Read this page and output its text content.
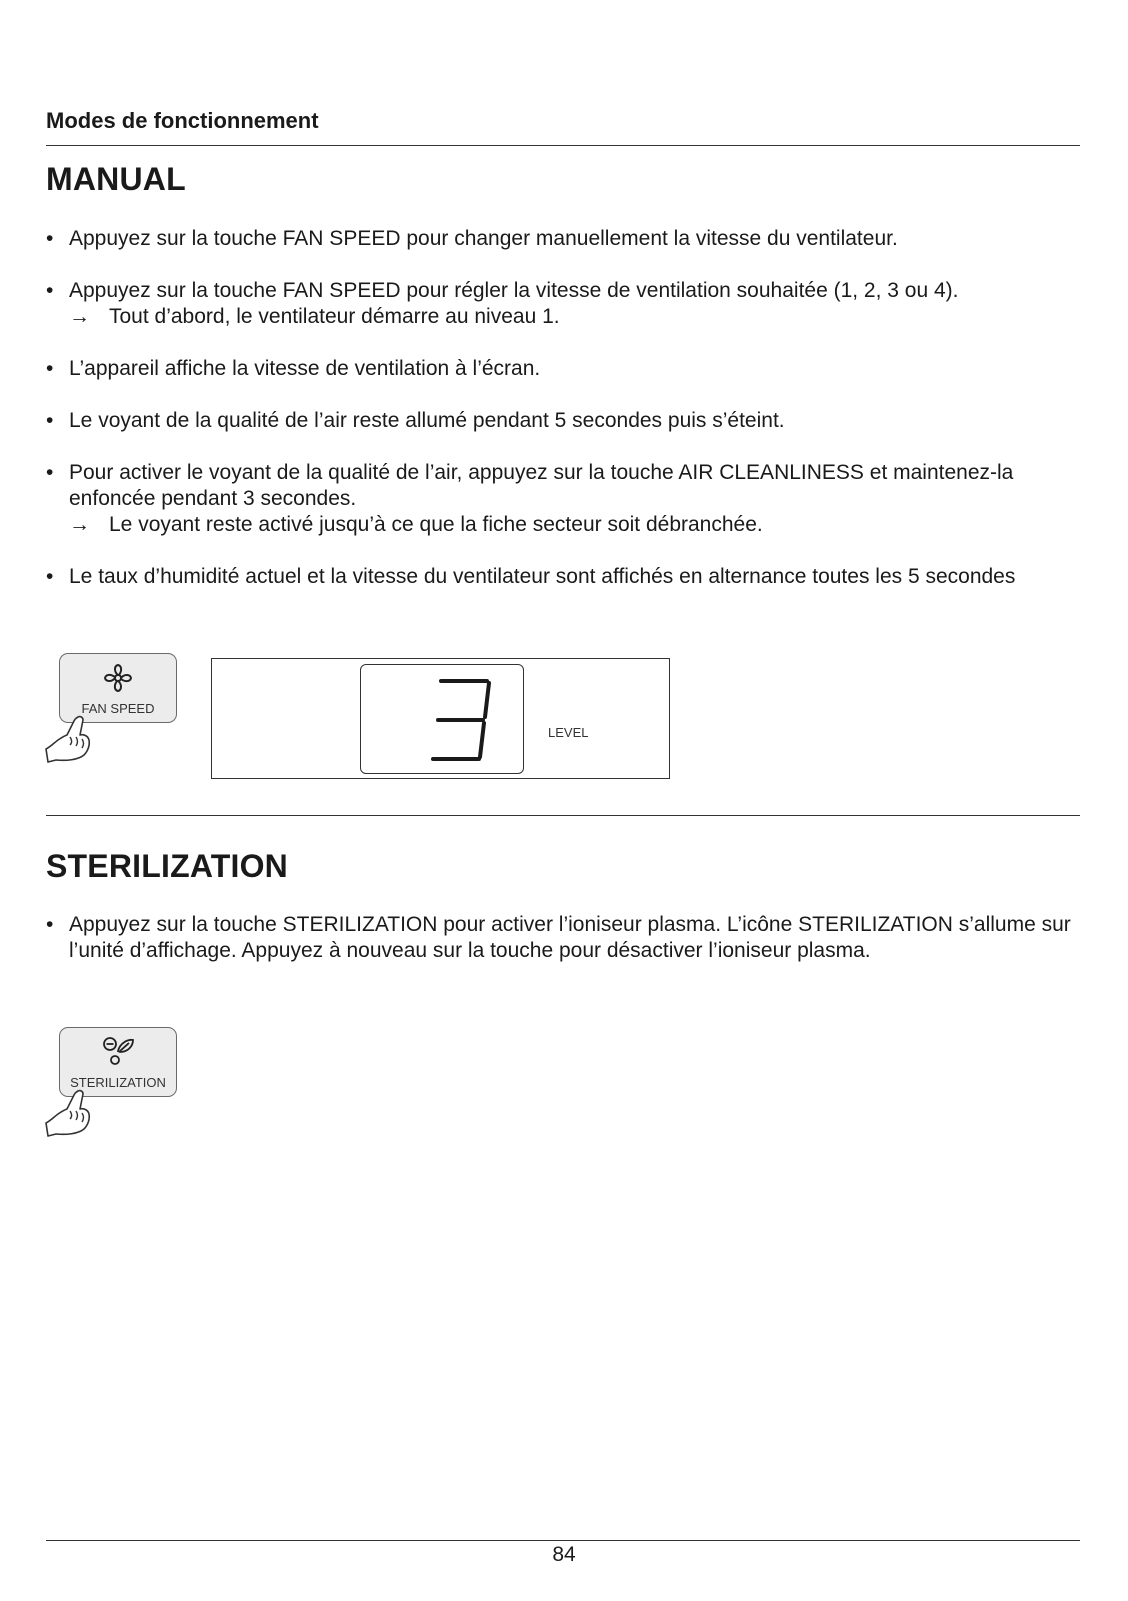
Modes de fonctionnement
MANUAL
• Appuyez sur la touche FAN SPEED pour changer manuellement la vitesse du ventilateur.
• Appuyez sur la touche FAN SPEED pour régler la vitesse de ventilation souhaitée (1, 2, 3 ou 4).
→ Tout d’abord, le ventilateur démarre au niveau 1.
• L’appareil affiche la vitesse de ventilation à l’écran.
• Le voyant de la qualité de l’air reste allumé pendant 5 secondes puis s’éteint.
• Pour activer le voyant de la qualité de l’air, appuyez sur la touche AIR CLEANLINESS et maintenez-la enfoncée pendant 3 secondes.
→ Le voyant reste activé jusqu’à ce que la fiche secteur soit débranchée.
• Le taux d’humidité actuel et la vitesse du ventilateur sont affichés en alternance toutes les 5 secondes
FAN SPEED
LEVEL
STERILIZATION
• Appuyez sur la touche STERILIZATION pour activer l’ioniseur plasma. L’icône STERILIZATION s’allume sur l’unité d’affichage. Appuyez à nouveau sur la touche pour désactiver l’ioniseur plasma.
STERILIZATION
84
